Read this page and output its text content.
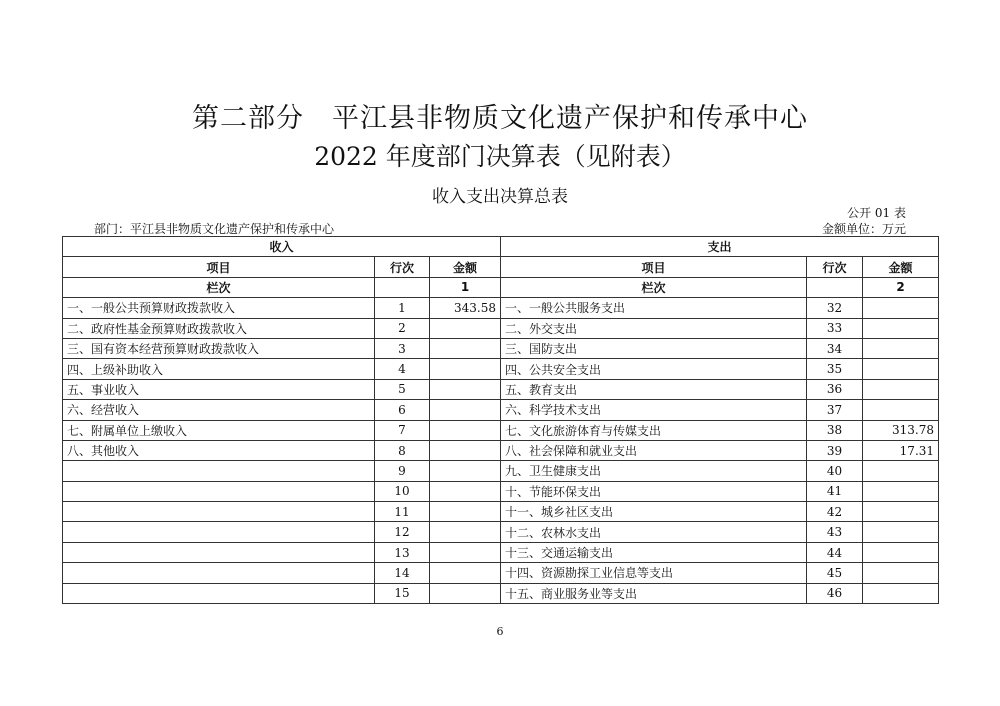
第二部分　平江县非物质文化遗产保护和传承中心
2022 年度部门决算表（见附表）
收入支出决算总表
公开 01 表
部门：平江县非物质文化遗产保护和传承中心	金额单位：万元
收入			支出		
项目	行次	金额	项目	行次	金额
栏次		1	栏次		2
一、一般公共预算财政拨款收入	1	343.58	一、一般公共服务支出	32	
二、政府性基金预算财政拨款收入	2		二、外交支出	33	
三、国有资本经营预算财政拨款收入	3		三、国防支出	34	
四、上级补助收入	4		四、公共安全支出	35	
五、事业收入	5		五、教育支出	36	
六、经营收入	6		六、科学技术支出	37	
七、附属单位上缴收入	7		七、文化旅游体育与传媒支出	38	313.78
八、其他收入	8		八、社会保障和就业支出	39	17.31
	9		九、卫生健康支出	40	
	10		十、节能环保支出	41	
	11		十一、城乡社区支出	42	
	12		十二、农林水支出	43	
	13		十三、交通运输支出	44	
	14		十四、资源勘探工业信息等支出	45	
	15		十五、商业服务业等支出	46	
6
